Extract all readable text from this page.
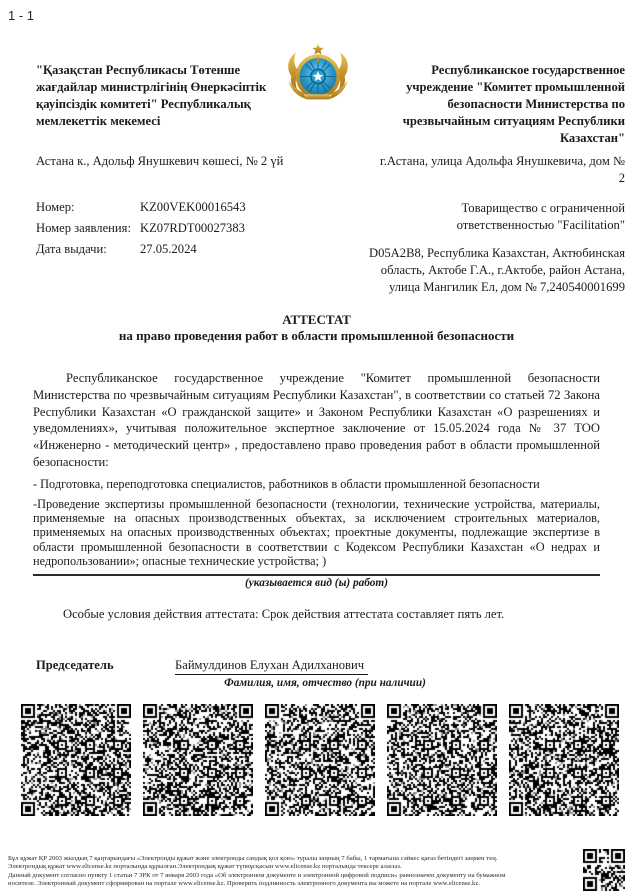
1 - 1
"Қазақстан Республикасы Төтенше жағдайлар министрлігінің Өнеркәсіптік қауіпсіздік комитеті" Республикалық мемлекеттік мекемесі
Республиканское государственное учреждение "Комитет промышленной безопасности Министерства по чрезвычайным ситуациям Республики Казахстан"
Астана к., Адольф Янушкевич көшесі, № 2 үй	г.Астана, улица Адольфа Янушкевича, дом № 2
Номер:	KZ00VEK00016543
Номер заявления: KZ07RDT00027383
Дата выдачи:	27.05.2024
Товарищество с ограниченной ответственностью "Facilitation"
D05A2B8, Республика Казахстан, Актюбинская область, Актобе Г.А., г.Актобе, район Астана, улица Мангилик Ел, дом № 7,240540001699
АТТЕСТАТ
на право проведения работ в области промышленной безопасности

Республиканское государственное учреждение "Комитет промышленной безопасности Министерства по чрезвычайным ситуациям Республики Казахстан", в соответствии со статьей 72 Закона Республики Казахстан «О гражданской защите» и Законом Республики Казахстан «О разрешениях и уведомлениях», учитывая положительное экспертное заключение от 15.05.2024 года № 37 ТОО «Инженерно - методический центр» , предоставлено право проведения работ в области промышленной безопасности:

- Подготовка, переподготовка специалистов, работников в области промышленной безопасности

-Проведение экспертизы промышленной безопасности (технологии, технические устройства, материалы, применяемые на опасных производственных объектах, за исключением строительных материалов, применяемых на опасных производственных объектах; проектные документы, подлежащие экспертизе в области промышленной безопасности в соответствии с Кодексом Республики Казахстан «О недрах и недропользовании»; опасные технические устройства; )

(указывается вид (ы) работ)

Особые условия действия аттестата: Срок действия аттестата составляет пять лет.

Председатель	Баймулдинов Елухан Адилханович
Фамилия, имя, отчество (при наличии)
Бұл құжат ҚР 2003 жылдың 7 қаңтарындағы «Электронды құжат және электронды сандық қол қою» туралы заңның 7 бабы, 1 тармағына сәйкес қағаз бетіндегі заңмен тең.
Электрондық құжат www.elicense.kz порталында құрылған.Электрондық құжат түпнұсқасын www.elicense.kz порталында тексере аласыз.
Данный документ согласно пункту 1 статьи 7 ЗРК от 7 января 2003 года «Об электронном документе и электронной цифровой подписи» равнозначен документу на бумажном
носителе. Электронный документ сформирован на портале www.elicense.kz. Проверить подлинность электронного документа вы можете на портале www.elicense.kz.
